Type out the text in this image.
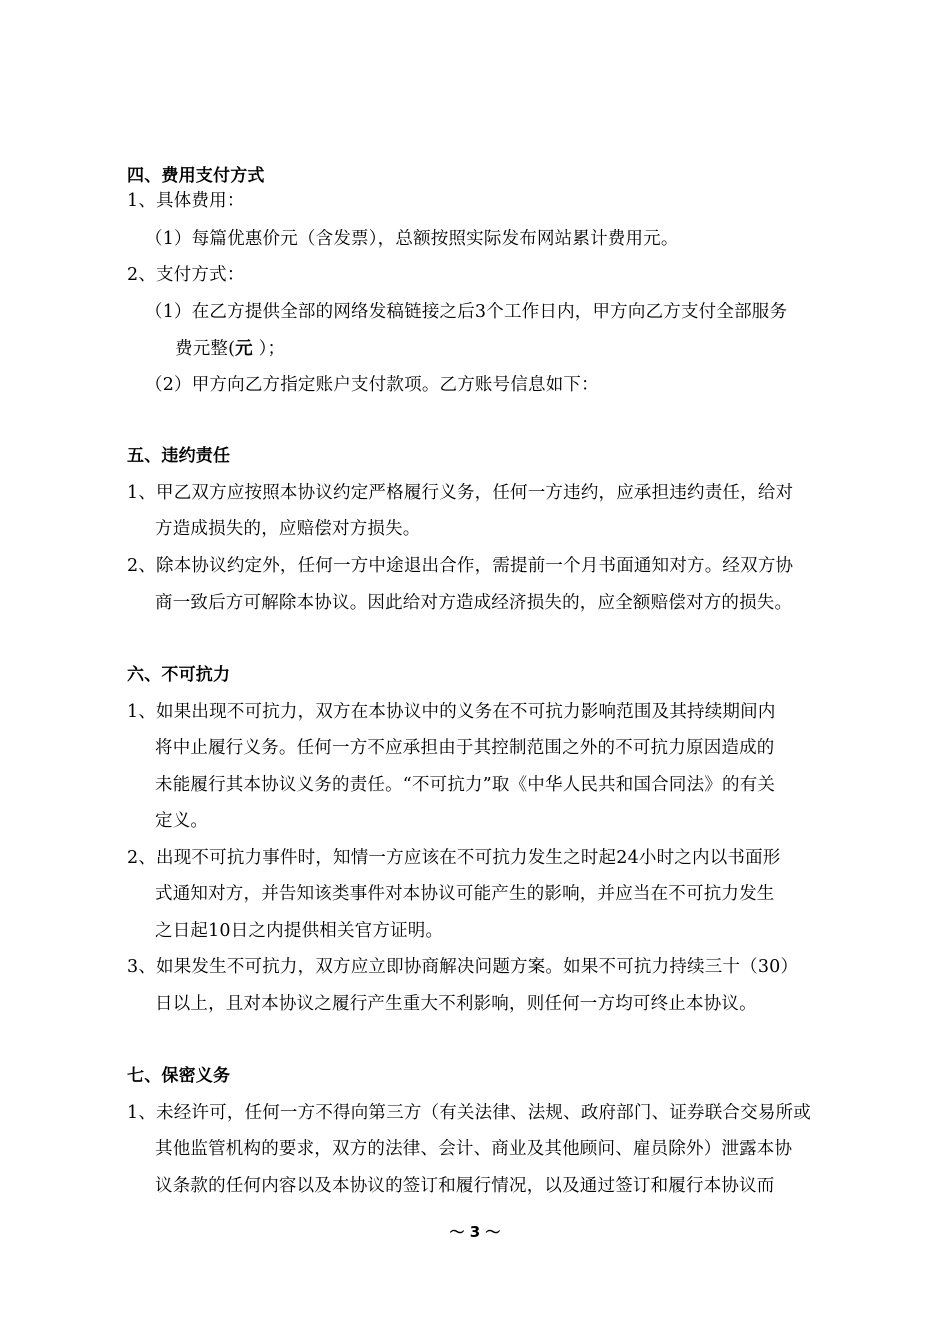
四、费用支付方式
1、具体费用：
（1）每篇优惠价元（含发票），总额按照实际发布网站累计费用元。
2、支付方式：
（1）在乙方提供全部的网络发稿链接之后3个工作日内，甲方向乙方支付全部服务
费元整(元 ）；
（2）甲方向乙方指定账户支付款项。乙方账号信息如下：
五、违约责任
1、甲乙双方应按照本协议约定严格履行义务，任何一方违约，应承担违约责任，给对
方造成损失的，应赔偿对方损失。
2、除本协议约定外，任何一方中途退出合作，需提前一个月书面通知对方。经双方协
商一致后方可解除本协议。因此给对方造成经济损失的，应全额赔偿对方的损失。
六、不可抗力
1、如果出现不可抗力，双方在本协议中的义务在不可抗力影响范围及其持续期间内
将中止履行义务。任何一方不应承担由于其控制范围之外的不可抗力原因造成的
未能履行其本协议义务的责任。“不可抗力”取《中华人民共和国合同法》的有关
定义。
2、出现不可抗力事件时，知情一方应该在不可抗力发生之时起24小时之内以书面形
式通知对方，并告知该类事件对本协议可能产生的影响，并应当在不可抗力发生
之日起10日之内提供相关官方证明。
3、如果发生不可抗力，双方应立即协商解决问题方案。如果不可抗力持续三十（30）
日以上，且对本协议之履行产生重大不利影响，则任何一方均可终止本协议。
七、保密义务
1、未经许可，任何一方不得向第三方（有关法律、法规、政府部门、证券联合交易所或
其他监管机构的要求，双方的法律、会计、商业及其他顾问、雇员除外）泄露本协
议条款的任何内容以及本协议的签订和履行情况，以及通过签订和履行本协议而
～ 3 ～
